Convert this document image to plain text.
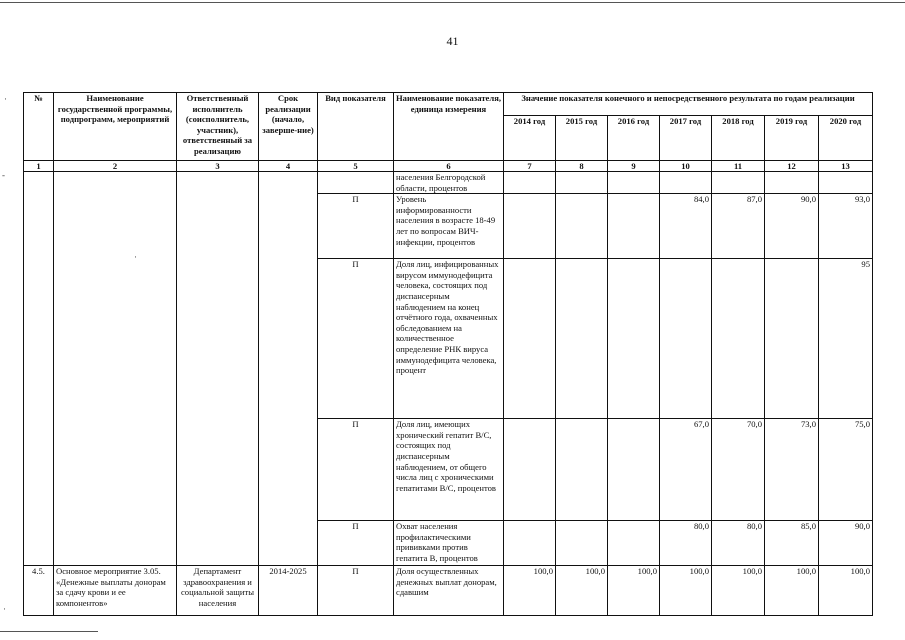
41
·
-
·
·
№	Наименование государственной программы, подпрограмм, мероприятий	Ответственный исполнитель (соисполнитель, участник), ответственный за реализацию	Срок реализации (начало, заверше-ние)	Вид показателя	Наименование показателя, единица измерения	Значение показателя конечного и непосредственного результата по годам реализации						
						2014 год	2015 год	2016 год	2017 год	2018 год	2019 год	2020 год
1	2	3	4	5	6	7	8	9	10	11	12	13
					населения Белгородской области, процентов							
				П	Уровень информированности населения в возрасте 18-49 лет по вопросам ВИЧ-инфекции, процентов				84,0	87,0	90,0	93,0
				П	Доля лиц, инфицированных вирусом иммунодефицита человека, состоящих под диспансерным наблюдением на конец отчётного года, охваченных обследованием на количественное определение РНК вируса иммунодефицита человека, процент							95
				П	Доля лиц, имеющих хронический гепатит В/С, состоящих под диспансерным наблюдением, от общего числа лиц с хроническими гепатитами В/С, процентов				67,0	70,0	73,0	75,0
				П	Охват населения профилактическими прививками против гепатита В, процентов				80,0	80,0	85,0	90,0
4.5.	Основное мероприятие 3.05. «Денежные выплаты донорам за сдачу крови и ее компонентов»	Департамент здравоохранения и социальной защиты населения	2014-2025	П	Доля осуществленных денежных выплат донорам, сдавшим	100,0	100,0	100,0	100,0	100,0	100,0	100,0
